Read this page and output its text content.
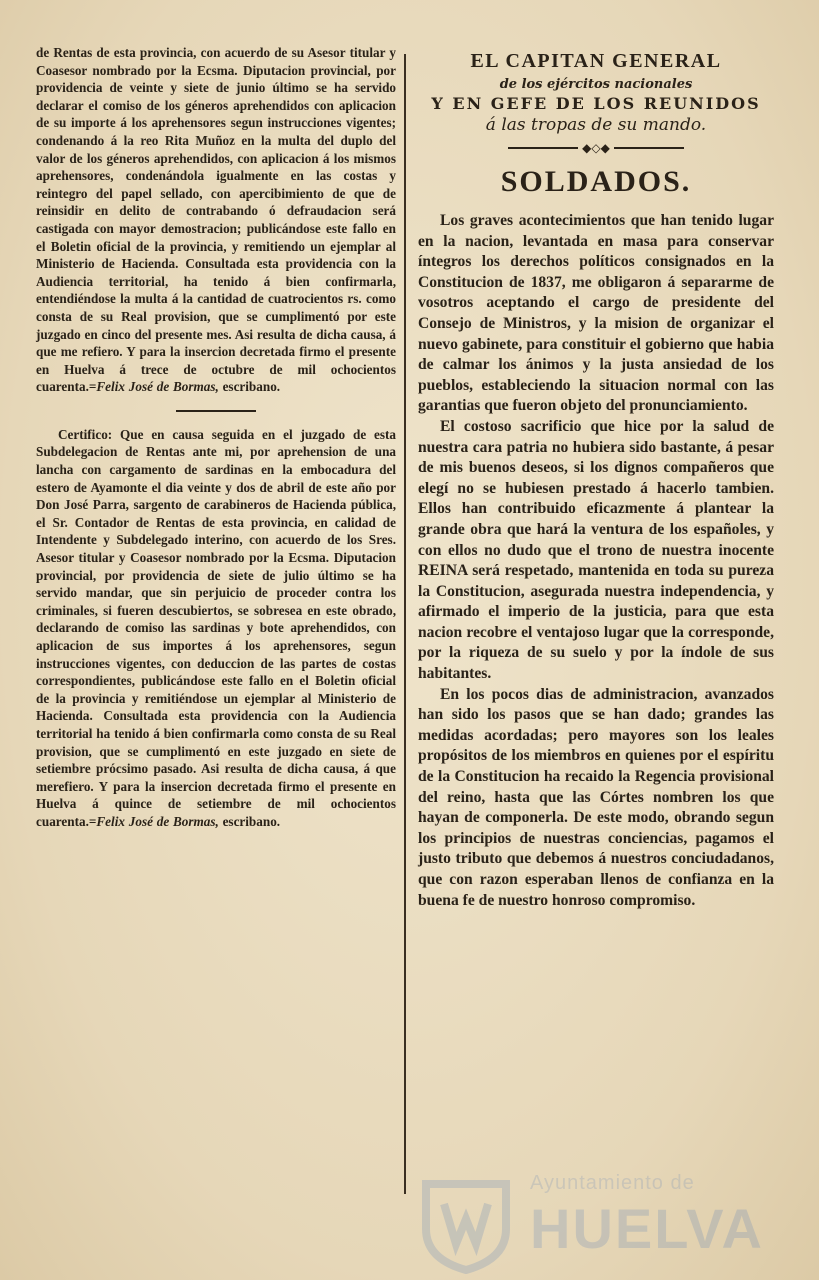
de Rentas de esta provincia, con acuerdo de su Asesor titular y Coasesor nombrado por la Ecsma. Diputacion provincial, por providencia de veinte y siete de junio último se ha servido declarar el comiso de los géneros aprehendidos con aplicacion de su importe á los aprehensores segun instrucciones vigentes; condenando á la reo Rita Muñoz en la multa del duplo del valor de los géneros aprehendidos, con aplicacion á los mismos aprehensores, condenándola igualmente en las costas y reintegro del papel sellado, con apercibimiento de que de reinsidir en delito de contrabando ó defraudacion será castigada con mayor demostracion; publicándose este fallo en el Boletin oficial de la provincia, y remitiendo un ejemplar al Ministerio de Hacienda. Consultada esta providencia con la Audiencia territorial, ha tenido á bien confirmarla, entendiéndose la multa á la cantidad de cuatrocientos rs. como consta de su Real provision, que se cumplimentó por este juzgado en cinco del presente mes. Asi resulta de dicha causa, á que me refiero. Y para la insercion decretada firmo el presente en Huelva á trece de octubre de mil ochocientos cuarenta.=Felix José de Bormas, escribano.

Certifico: Que en causa seguida en el juzgado de esta Subdelegacion de Rentas ante mi, por aprehension de una lancha con cargamento de sardinas en la embocadura del estero de Ayamonte el dia veinte y dos de abril de este año por Don José Parra, sargento de carabineros de Hacienda pública, el Sr. Contador de Rentas de esta provincia, en calidad de Intendente y Subdelegado interino, con acuerdo de los Sres. Asesor titular y Coasesor nombrado por la Ecsma. Diputacion provincial, por providencia de siete de julio último se ha servido mandar, que sin perjuicio de proceder contra los criminales, si fueren descubiertos, se sobresea en este obrado, declarando de comiso las sardinas y bote aprehendidos, con aplicacion de sus importes á los aprehensores, segun instrucciones vigentes, con deduccion de las partes de costas correspondientes, publicándose este fallo en el Boletin oficial de la provincia y remitiéndose un ejemplar al Ministerio de Hacienda. Consultada esta providencia con la Audiencia territorial ha tenido á bien confirmarla como consta de su Real provision, que se cumplimentó en este juzgado en siete de setiembre prócsimo pasado. Asi resulta de dicha causa, á que merefiero. Y para la insercion decretada firmo el presente en Huelva á quince de setiembre de mil ochocientos cuarenta.=Felix José de Bormas, escribano.

EL CAPITAN GENERAL
de los ejércitos nacionales
Y EN GEFE DE LOS REUNIDOS
á las tropas de su mando.
◆◇◆
SOLDADOS.

Los graves acontecimientos que han tenido lugar en la nacion, levantada en masa para conservar íntegros los derechos políticos consignados en la Constitucion de 1837, me obligaron á separarme de vosotros aceptando el cargo de presidente del Consejo de Ministros, y la mision de organizar el nuevo gabinete, para constituir el gobierno que habia de calmar los ánimos y la justa ansiedad de los pueblos, estableciendo la situacion normal con las garantias que fueron objeto del pronunciamiento.

El costoso sacrificio que hice por la salud de nuestra cara patria no hubiera sido bastante, á pesar de mis buenos deseos, si los dignos compañeros que elegí no se hubiesen prestado á hacerlo tambien. Ellos han contribuido eficazmente á plantear la grande obra que hará la ventura de los españoles, y con ellos no dudo que el trono de nuestra inocente REINA será respetado, mantenida en toda su pureza la Constitucion, asegurada nuestra independencia, y afirmado el imperio de la justicia, para que esta nacion recobre el ventajoso lugar que la corresponde, por la riqueza de su suelo y por la índole de sus habitantes.

En los pocos dias de administracion, avanzados han sido los pasos que se han dado; grandes las medidas acordadas; pero mayores son los leales propósitos de los miembros en quienes por el espíritu de la Constitucion ha recaido la Regencia provisional del reino, hasta que las Córtes nombren los que hayan de componerla. De este modo, obrando segun los principios de nuestras conciencias, pagamos el justo tributo que debemos á nuestros conciudadanos, que con razon esperaban llenos de confianza en la buena fe de nuestro honroso compromiso.

Ayuntamiento de
HUELVA
